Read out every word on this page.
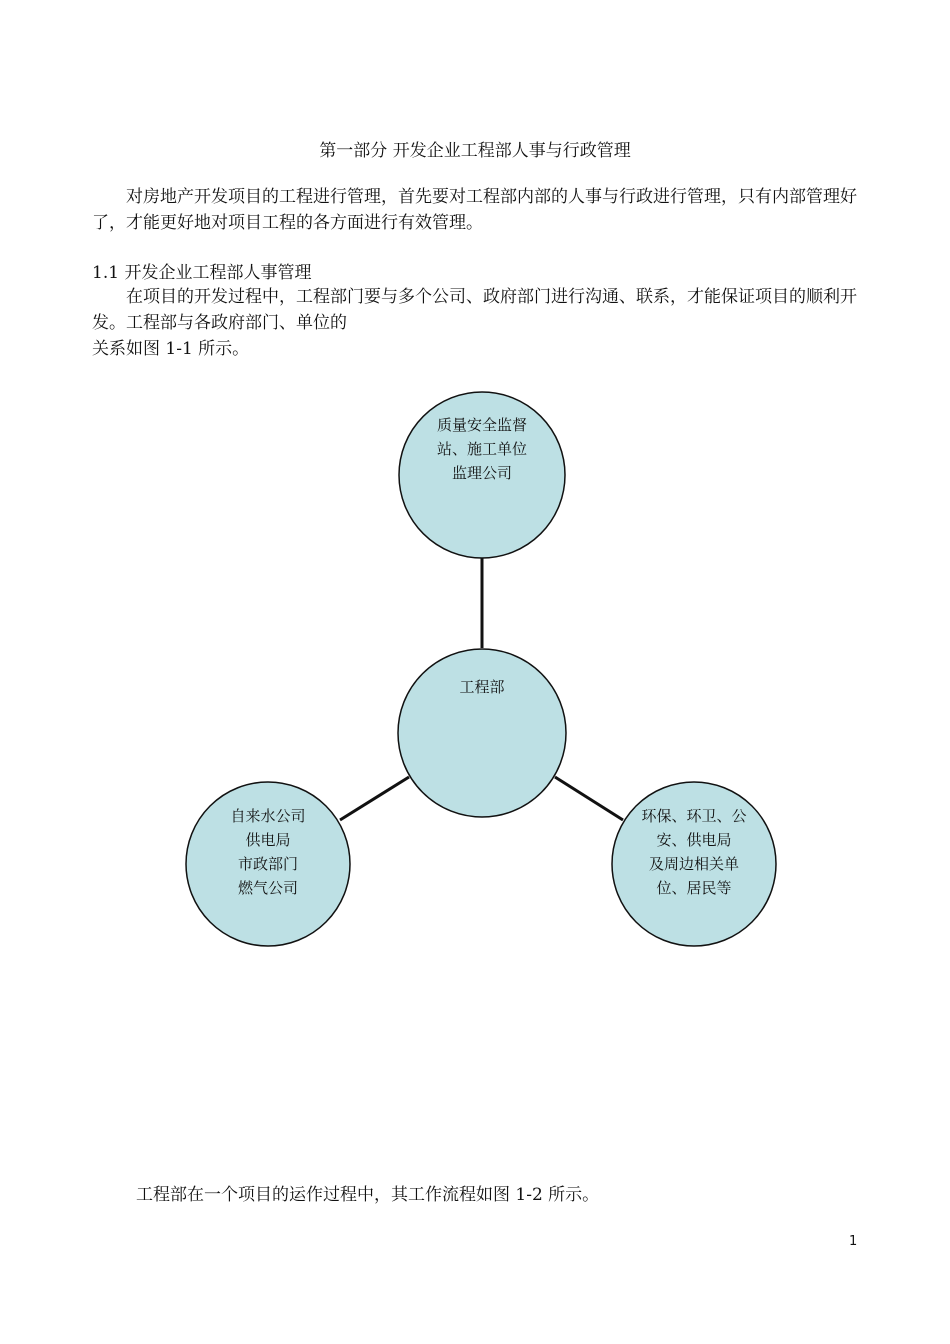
第一部分 开发企业工程部人事与行政管理

对房地产开发项目的工程进行管理，首先要对工程部内部的人事与行政进行管理，只有内部管理好了，才能更好地对项目工程的各方面进行有效管理。

1.1 开发企业工程部人事管理

在项目的开发过程中，工程部门要与多个公司、政府部门进行沟通、联系，才能保证项目的顺利开发。工程部与各政府部门、单位的

关系如图 1-1 所示。

工程部
质量安全监督
站、施工单位
监理公司
自来水公司
供电局
市政部门
燃气公司
环保、环卫、公
安、供电局
及周边相关单
位、居民等
工程部在一个项目的运作过程中，其工作流程如图 1-2 所示。
1
